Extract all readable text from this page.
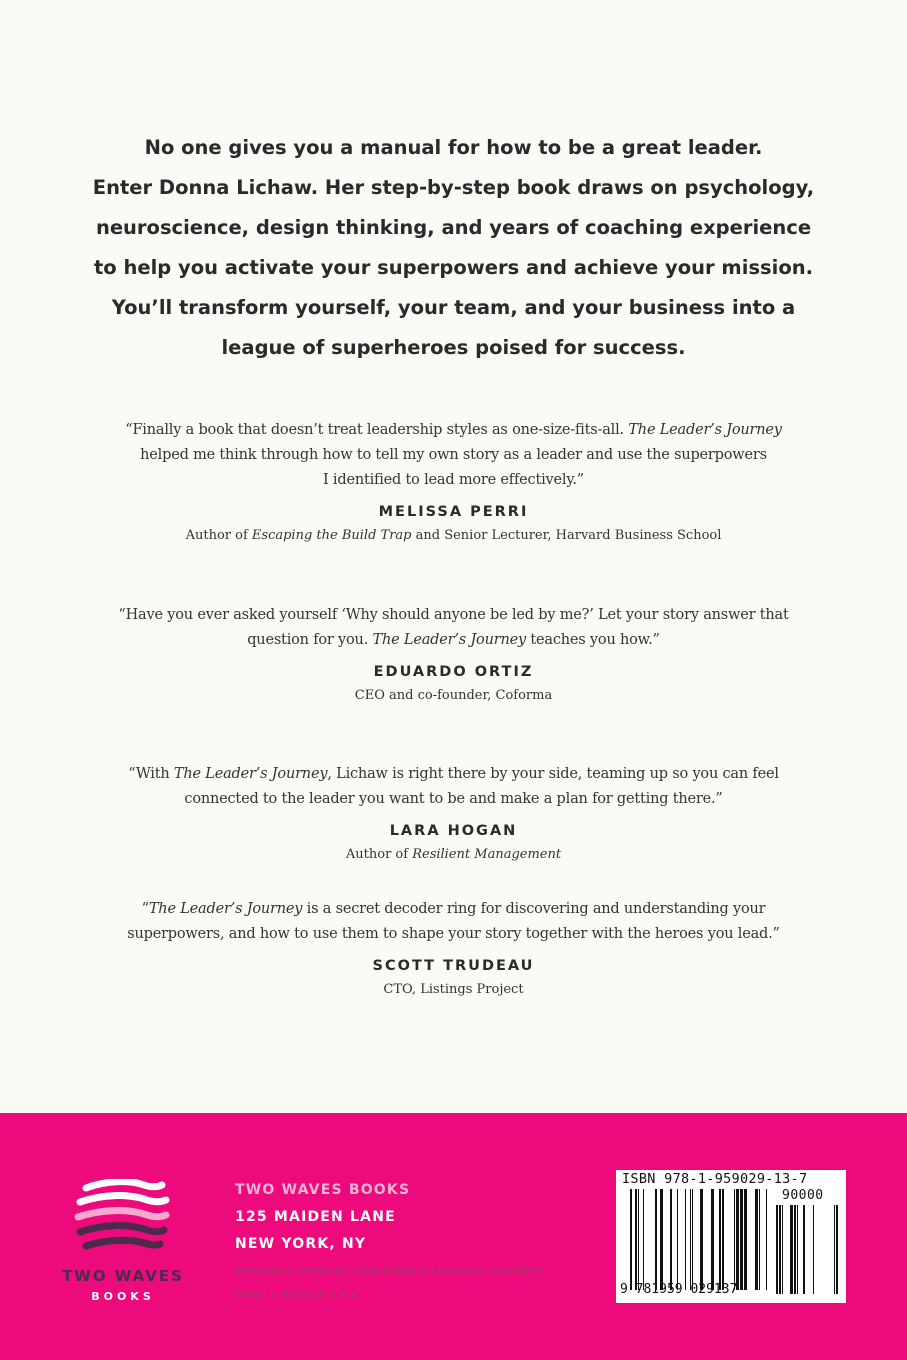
No one gives you a manual for how to be a great leader.
Enter Donna Lichaw. Her step-by-step book draws on psychology,
neuroscience, design thinking, and years of coaching experience
to help you activate your superpowers and achieve your mission.
You’ll transform yourself, your team, and your business into a
league of superheroes poised for success.
“Finally a book that doesn’t treat leadership styles as one-size-fits-all. The Leader’s Journey
helped me think through how to tell my own story as a leader and use the superpowers
I identified to lead more effectively.”
MELISSA PERRI
Author of Escaping the Build Trap and Senior Lecturer, Harvard Business School
“Have you ever asked yourself ‘Why should anyone be led by me?’ Let your story answer that
question for you. The Leader’s Journey teaches you how.”
EDUARDO ORTIZ
CEO and co-founder, Coforma
“With The Leader’s Journey, Lichaw is right there by your side, teaming up so you can feel
connected to the leader you want to be and make a plan for getting there.”
LARA HOGAN
Author of Resilient Management
“The Leader’s Journey is a secret decoder ring for discovering and understanding your
superpowers, and how to use them to shape your story together with the heroes you lead.”
SCOTT TRUDEAU
CTO, Listings Project
TWO WAVES
BOOKS
TWO WAVES BOOKS
125 MAIDEN LANE
NEW YORK, NY
ROSENFELDMEDIA.COM/BOOKS/LEADERS-JOURNEY/
ISBN 1-959029-13-4
ISBN 978-1-959029-13-7
90000
9 781959 029137
